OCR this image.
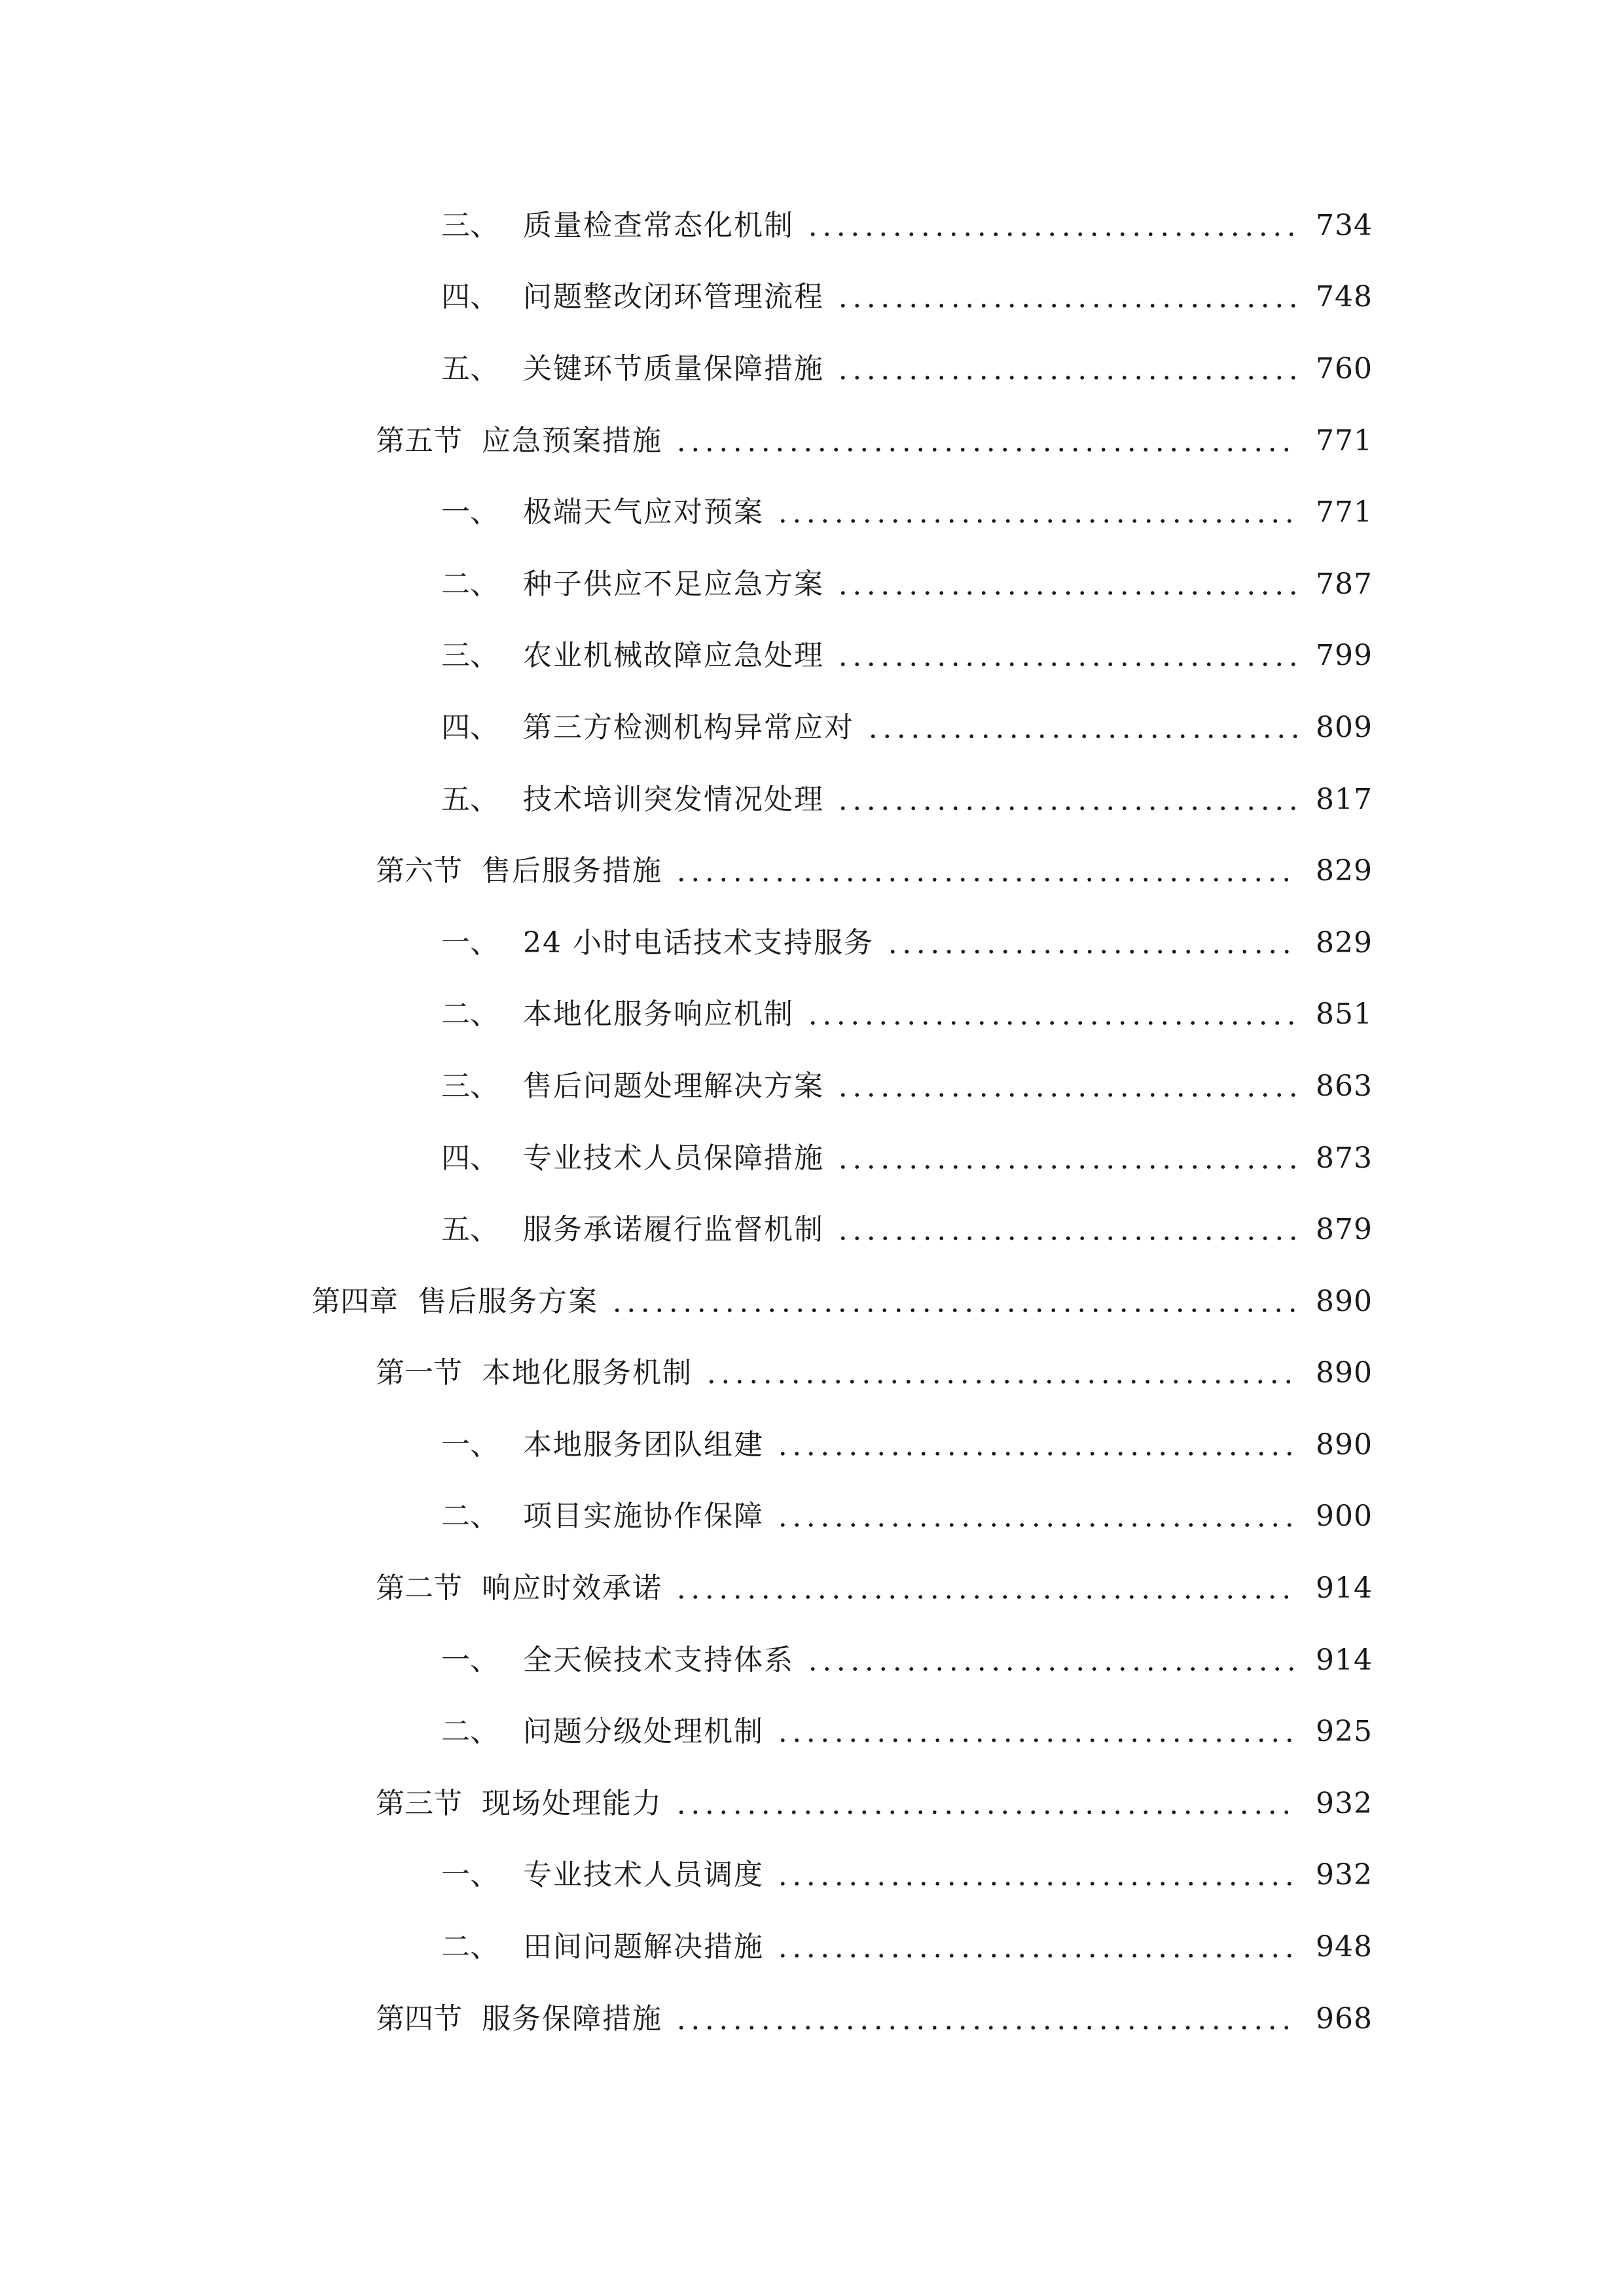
三、 质量检查常态化机制	734
四、 问题整改闭环管理流程	748
五、 关键环节质量保障措施	760
第五节 应急预案措施	771
一、 极端天气应对预案	771
二、 种子供应不足应急方案	787
三、 农业机械故障应急处理	799
四、 第三方检测机构异常应对	809
五、 技术培训突发情况处理	817
第六节 售后服务措施	829
一、 24 小时电话技术支持服务	829
二、 本地化服务响应机制	851
三、 售后问题处理解决方案	863
四、 专业技术人员保障措施	873
五、 服务承诺履行监督机制	879
第四章 售后服务方案	890
第一节 本地化服务机制	890
一、 本地服务团队组建	890
二、 项目实施协作保障	900
第二节 响应时效承诺	914
一、 全天候技术支持体系	914
二、 问题分级处理机制	925
第三节 现场处理能力	932
一、 专业技术人员调度	932
二、 田间问题解决措施	948
第四节 服务保障措施	968
